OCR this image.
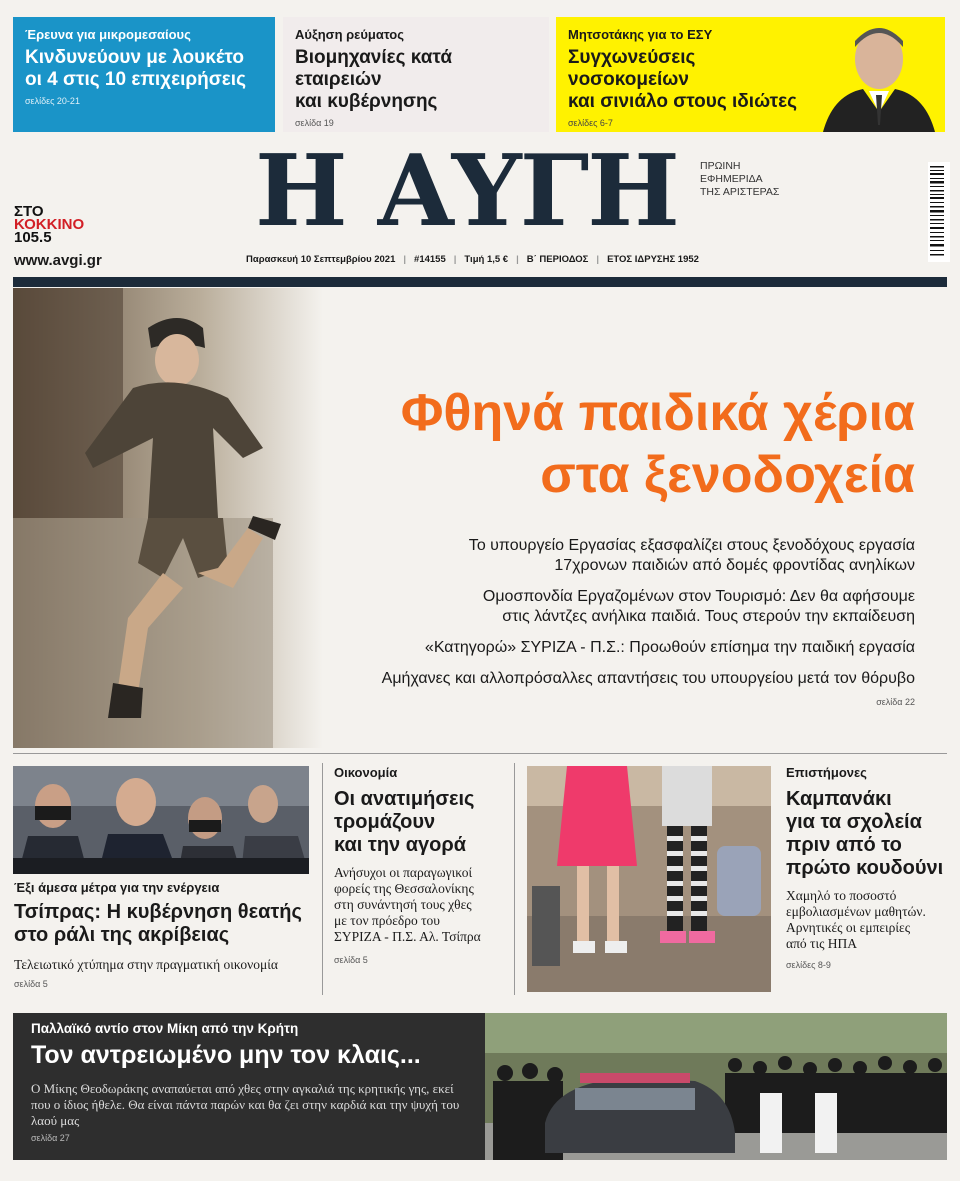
Έρευνα για μικρομεσαίους
Κινδυνεύουν με λουκέτο
οι 4 στις 10 επιχειρήσεις
σελίδες 20-21
Αύξηση ρεύματος
Βιομηχανίες κατά εταιρειών
και κυβέρνησης
σελίδα 19
Μητσοτάκης για το ΕΣΥ
Συγχωνεύσεις νοσοκομείων
και σινιάλο στους ιδιώτες
σελίδες 6-7
ΣΤΟ
ΚΟΚΚΙΝΟ
105.5
www.avgi.gr
Η ΑΥΓΗ ΠΡΩΙΝΗ
ΕΦΗΜΕΡΙΔΑ
ΤΗΣ ΑΡΙΣΤΕΡΑΣ
Παρασκευή 10 Σεπτεμβρίου 2021 | #14155 | Τιμή 1,5 € | Β΄ ΠΕΡΙΟΔΟΣ | ΕΤΟΣ ΙΔΡΥΣΗΣ 1952
Φθηνά παιδικά χέρια
στα ξενοδοχεία

Το υπουργείο Εργασίας εξασφαλίζει στους ξενοδόχους εργασία
17χρονων παιδιών από δομές φροντίδας ανηλίκων

Ομοσπονδία Εργαζομένων στον Τουρισμό: Δεν θα αφήσουμε
στις λάντζες ανήλικα παιδιά. Τους στερούν την εκπαίδευση

«Κατηγορώ» ΣΥΡΙΖΑ - Π.Σ.: Προωθούν επίσημα την παιδική εργασία

Αμήχανες και αλλοπρόσαλλες απαντήσεις του υπουργείου μετά τον θόρυβο

σελίδα 22
Έξι άμεσα μέτρα για την ενέργεια
Τσίπρας: Η κυβέρνηση θεατής
στο ράλι της ακρίβειας
Τελειωτικό χτύπημα στην πραγματική οικονομία
σελίδα 5
Οικονομία
Οι ανατιμήσεις
τρομάζουν
και την αγορά
Ανήσυχοι οι παραγωγικοί
φορείς της Θεσσαλονίκης
στη συνάντησή τους χθες
με τον πρόεδρο του
ΣΥΡΙΖΑ - Π.Σ. Αλ. Τσίπρα
σελίδα 5
Επιστήμονες
Καμπανάκι
για τα σχολεία
πριν από το
πρώτο κουδούνι
Χαμηλό το ποσοστό
εμβολιασμένων μαθητών.
Αρνητικές οι εμπειρίες
από τις ΗΠΑ
σελίδες 8-9
Παλλαϊκό αντίο στον Μίκη από την Κρήτη
Τον αντρειωμένο μην τον κλαις...
Ο Μίκης Θεοδωράκης αναπαύεται από χθες στην αγκαλιά της κρητικής γης, εκεί που ο ίδιος ήθελε. Θα είναι πάντα παρών και θα ζει στην καρδιά και την ψυχή του λαού μας
σελίδα 27
